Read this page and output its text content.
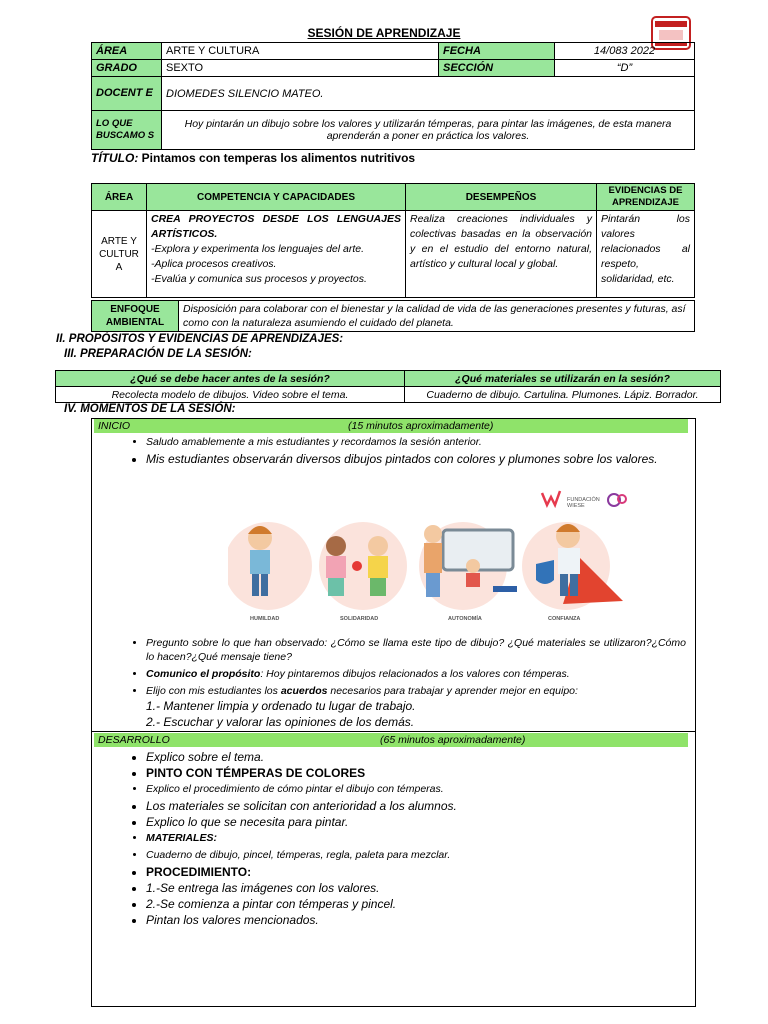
SESIÓN DE APRENDIZAJE
ÁREA	ARTE Y CULTURA	FECHA	14/083 2022
GRADO	SEXTO	SECCIÓN	“D”
DOCENT E	DIOMEDES SILENCIO MATEO.		
LO QUE BUSCAMO S	Hoy pintarán un dibujo sobre los valores y utilizarán témperas, para pintar las imágenes, de esta manera aprenderán a poner en práctica los valores.		
TÍTULO: Pintamos con temperas los alimentos nutritivos
ÁREA	COMPETENCIA Y CAPACIDADES	DESEMPEÑOS	EVIDENCIAS DE APRENDIZAJE
ARTE Y CULTUR A	CREA PROYECTOS DESDE LOS LENGUAJES ARTÍSTICOS.
-Explora y experimenta los lenguajes del arte.
-Aplica procesos creativos.
-Evalúa y comunica sus procesos y proyectos.	Realiza creaciones individuales y colectivas basadas en la observación y en el estudio del entorno natural, artístico y cultural local y global.	Pintarán los valores relacionados al respeto, solidaridad, etc.
ENFOQUE AMBIENTAL	Disposición para colaborar con el bienestar y la calidad de vida de las generaciones presentes y futuras, así como con la naturaleza asumiendo el cuidado del planeta.
II. PROPÓSITOS Y EVIDENCIAS DE APRENDIZAJES:
III. PREPARACIÓN DE LA SESIÓN:
¿Qué se debe hacer antes de la sesión?	¿Qué materiales se utilizarán en la sesión?
Recolecta modelo de dibujos. Video sobre el tema.	Cuaderno de dibujo. Cartulina. Plumones. Lápiz. Borrador.
IV. MOMENTOS DE LA SESIÓN:
INICIO	(15 minutos aproximadamente)
• Saludo amablemente a mis estudiantes y recordamos la sesión anterior.
• Mis estudiantes observarán diversos dibujos pintados con colores y plumones sobre los valores.
HUMILDAD	SOLIDARIDAD	AUTONOMÍA	CONFIANZA
FUNDACIÓN WIESE
• Pregunto sobre lo que han observado: ¿Cómo se llama este tipo de dibujo? ¿Qué materiales se utilizaron?¿Cómo lo hacen?¿Qué mensaje tiene?
• Comunico el propósito: Hoy pintaremos dibujos relacionados a los valores con témperas.
• Elijo con mis estudiantes los acuerdos necesarios para trabajar y aprender mejor en equipo:
1.- Mantener limpia y ordenado tu lugar de trabajo.
2.- Escuchar y valorar las opiniones de los demás.
DESARROLLO	(65 minutos aproximadamente)
• Explico sobre el tema.
• PINTO CON TÉMPERAS DE COLORES
• Explico el procedimiento de cómo pintar el dibujo con témperas.
• Los materiales se solicitan con anterioridad a los alumnos.
• Explico lo que se necesita para pintar.
• MATERIALES:
• Cuaderno de dibujo, pincel, témperas, regla, paleta para mezclar.
• PROCEDIMIENTO:
• 1.-Se entrega las imágenes con los valores.
• 2.-Se comienza a pintar con témperas y pincel.
• Pintan los valores mencionados.
